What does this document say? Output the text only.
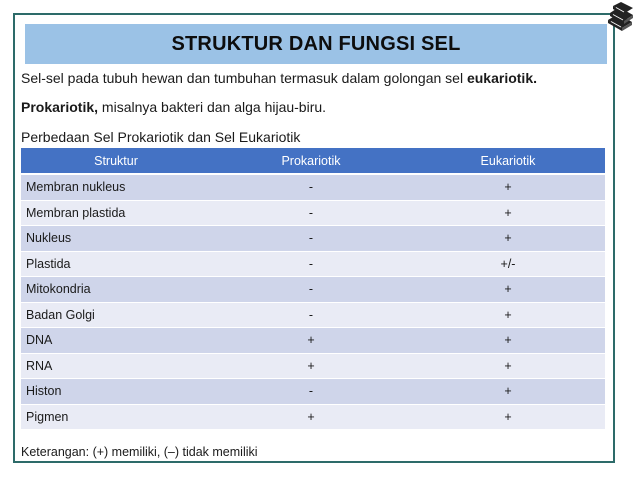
STRUKTUR DAN FUNGSI SEL
Sel-sel pada tubuh hewan dan tumbuhan termasuk dalam golongan sel eukariotik.
Prokariotik, misalnya bakteri dan alga hijau-biru.
Perbedaan Sel Prokariotik dan Sel Eukariotik
Struktur	Prokariotik	Eukariotik
Membran nukleus	-	+
Membran plastida	-	+
Nukleus	-	+
Plastida	-	+/-
Mitokondria	-	+
Badan Golgi	-	+
DNA	+	+
RNA	+	+
Histon	-	+
Pigmen	+	+
Keterangan: (+) memiliki, (–) tidak memiliki
